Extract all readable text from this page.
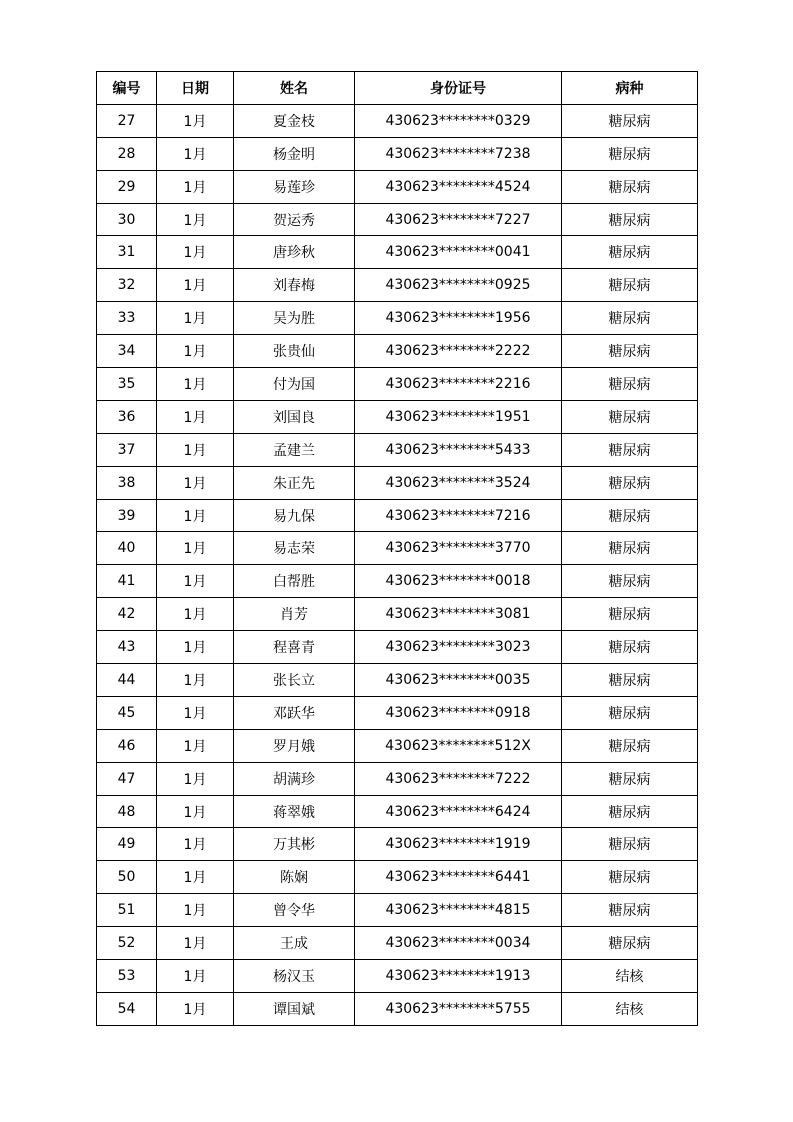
编号	日期	姓名	身份证号	病种
27	1月	夏金枝	430623********0329	糖尿病
28	1月	杨金明	430623********7238	糖尿病
29	1月	易莲珍	430623********4524	糖尿病
30	1月	贺运秀	430623********7227	糖尿病
31	1月	唐珍秋	430623********0041	糖尿病
32	1月	刘春梅	430623********0925	糖尿病
33	1月	吴为胜	430623********1956	糖尿病
34	1月	张贵仙	430623********2222	糖尿病
35	1月	付为国	430623********2216	糖尿病
36	1月	刘国良	430623********1951	糖尿病
37	1月	孟建兰	430623********5433	糖尿病
38	1月	朱正先	430623********3524	糖尿病
39	1月	易九保	430623********7216	糖尿病
40	1月	易志荣	430623********3770	糖尿病
41	1月	白帮胜	430623********0018	糖尿病
42	1月	肖芳	430623********3081	糖尿病
43	1月	程喜青	430623********3023	糖尿病
44	1月	张长立	430623********0035	糖尿病
45	1月	邓跃华	430623********0918	糖尿病
46	1月	罗月娥	430623********512X	糖尿病
47	1月	胡满珍	430623********7222	糖尿病
48	1月	蒋翠娥	430623********6424	糖尿病
49	1月	万其彬	430623********1919	糖尿病
50	1月	陈娴	430623********6441	糖尿病
51	1月	曾令华	430623********4815	糖尿病
52	1月	王成	430623********0034	糖尿病
53	1月	杨汉玉	430623********1913	结核
54	1月	谭国斌	430623********5755	结核
